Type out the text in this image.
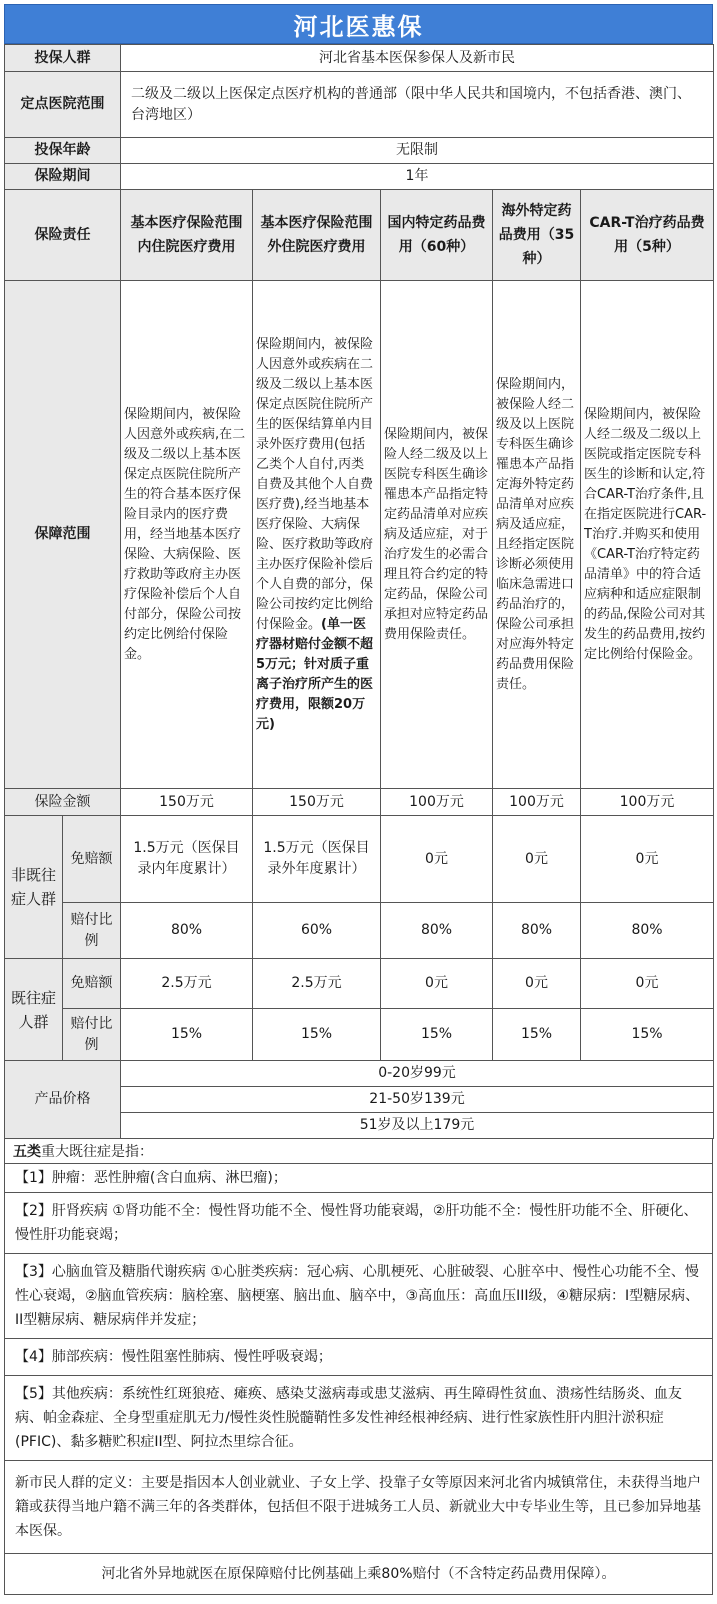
河北医惠保
投保人群		河北省基本医保参保人及新市民				
定点医院范围		二级及二级以上医保定点医疗机构的普通部（限中华人民共和国境内，不包括香港、澳门、台湾地区）				
投保年龄		无限制				
保险期间		1年				
保险责任		基本医疗保险范围内住院医疗费用	基本医疗保险范围外住院医疗费用	国内特定药品费用（60种）	海外特定药品费用（35种）	CAR-T治疗药品费用（5种）
保障范围		保险期间内，被保险人因意外或疾病,在二级及二级以上基本医保定点医院住院所产生的符合基本医疗保险目录内的医疗费用，经当地基本医疗保险、大病保险、医疗救助等政府主办医疗保险补偿后个人自付部分，保险公司按约定比例给付保险金。	保险期间内，被保险人因意外或疾病在二级及二级以上基本医保定点医院住院所产生的医保结算单内目录外医疗费用(包括乙类个人自付,丙类自费及其他个人自费医疗费),经当地基本医疗保险、大病保险、医疗救助等政府主办医疗保险补偿后个人自费的部分，保险公司按约定比例给付保险金。(单一医疗器材赔付金额不超5万元；针对质子重离子治疗所产生的医疗费用，限额20万元)	保险期间内，被保险人经二级及以上医院专科医生确诊罹患本产品指定特定药品清单对应疾病及适应症，对于治疗发生的必需合理且符合约定的特定药品，保险公司承担对应特定药品费用保险责任。	保险期间内，被保险人经二级及以上医院专科医生确诊罹患本产品指定海外特定药品清单对应疾病及适应症，且经指定医院诊断必须使用临床急需进口药品治疗的，保险公司承担对应海外特定药品费用保险责任。	保险期间内，被保险人经二级及二级以上医院或指定医院专科医生的诊断和认定,符合CAR-T治疗条件,且在指定医院进行CAR-T治疗.并购买和使用《CAR-T治疗特定药品清单》中的符合适应病种和适应症限制的药品,保险公司对其发生的药品费用,按约定比例给付保险金。
保险金额		150万元	150万元	100万元	100万元	100万元
非既往症人群	免赔额	1.5万元（医保目录内年度累计）	1.5万元（医保目录外年度累计）	0元	0元	0元
	赔付比例	80%	60%	80%	80%	80%
既往症人群	免赔额	2.5万元	2.5万元	0元	0元	0元
	赔付比例	15%	15%	15%	15%	15%
产品价格		0-20岁99元				
		21-50岁139元				
		51岁及以上179元				
五类重大既往症是指：
【1】肿瘤：恶性肿瘤(含白血病、淋巴瘤)；
【2】肝肾疾病 ①肾功能不全：慢性肾功能不全、慢性肾功能衰竭，②肝功能不全：慢性肝功能不全、肝硬化、慢性肝功能衰竭；
【3】心脑血管及糖脂代谢疾病 ①心脏类疾病：冠心病、心肌梗死、心脏破裂、心脏卒中、慢性心功能不全、慢性心衰竭，②脑血管疾病：脑栓塞、脑梗塞、脑出血、脑卒中，③高血压：高血压III级，④糖尿病：I型糖尿病、II型糖尿病、糖尿病伴并发症；
【4】肺部疾病：慢性阻塞性肺病、慢性呼吸衰竭；
【5】其他疾病：系统性红斑狼疮、瘫痪、感染艾滋病毒或患艾滋病、再生障碍性贫血、溃疡性结肠炎、血友病、帕金森症、全身型重症肌无力/慢性炎性脱髓鞘性多发性神经根神经病、进行性家族性肝内胆汁淤积症(PFIC)、黏多糖贮积症II型、阿拉杰里综合征。
新市民人群的定义：主要是指因本人创业就业、子女上学、投靠子女等原因来河北省内城镇常住，未获得当地户籍或获得当地户籍不满三年的各类群体，包括但不限于进城务工人员、新就业大中专毕业生等，且已参加异地基本医保。
河北省外异地就医在原保障赔付比例基础上乘80%赔付（不含特定药品费用保障）。
